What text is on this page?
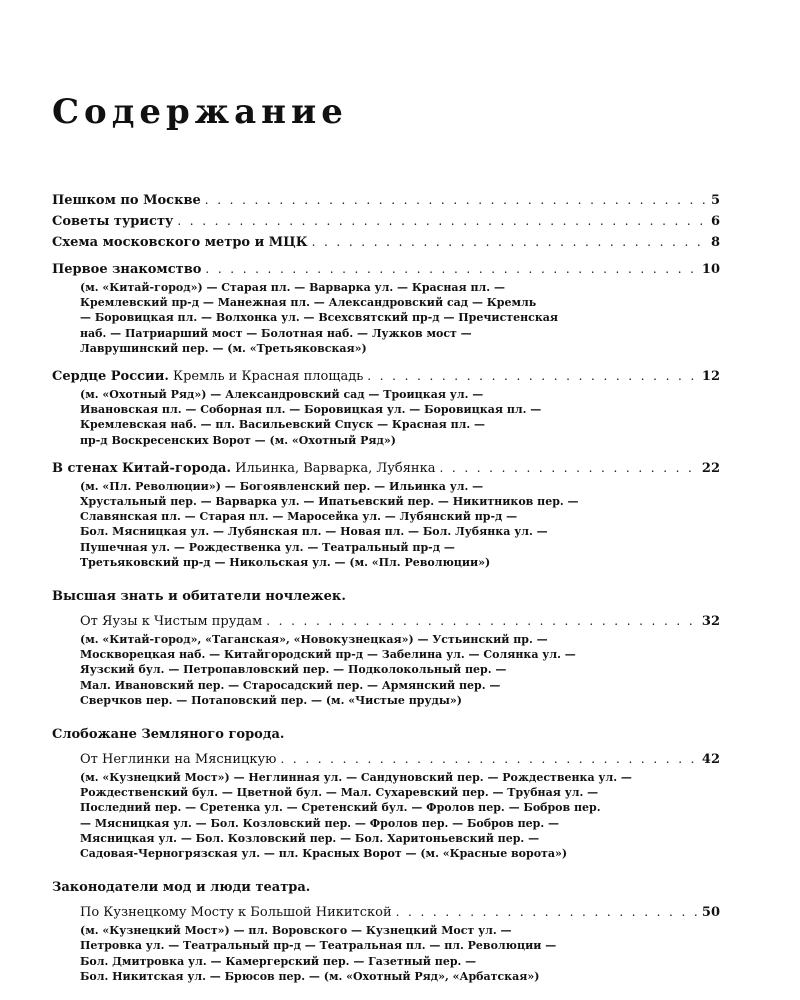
Содержание
Пешком по Москве . . .	5
Советы туристу . . .	6
Схема московского метро и МЦК . . .	8
Первое знакомство . . .	10
(м. «Китай-город») — Старая пл. — Варварка ул. — Красная пл. —
Кремлевский пр-д — Манежная пл. — Александровский сад — Кремль
— Боровицкая пл. — Волхонка ул. — Всехсвятский пр-д — Пречистенская
наб. — Патриарший мост — Болотная наб. — Лужков мост —
Лаврушинский пер. — (м. «Третьяковская»)
Сердце России. Кремль и Красная площадь . . .	12
(м. «Охотный Ряд») — Александровский сад — Троицкая ул. —
Ивановская пл. — Соборная пл. — Боровицкая ул. — Боровицкая пл. —
Кремлевская наб. — пл. Васильевский Спуск — Красная пл. —
пр-д Воскресенских Ворот — (м. «Охотный Ряд»)
В стенах Китай-города. Ильинка, Варварка, Лубянка . . .	22
(м. «Пл. Революции») — Богоявленский пер. — Ильинка ул. —
Хрустальный пер. — Варварка ул. — Ипатьевский пер. — Никитников пер. —
Славянская пл. — Старая пл. — Маросейка ул. — Лубянский пр-д —
Бол. Мясницкая ул. — Лубянская пл. — Новая пл. — Бол. Лубянка ул. —
Пушечная ул. — Рождественка ул. — Театральный пр-д —
Третьяковский пр-д — Никольская ул. — (м. «Пл. Революции»)
Высшая знать и обитатели ночлежек.
От Яузы к Чистым прудам . . .	32
(м. «Китай-город», «Таганская», «Новокузнецкая») — Устьинский пр. —
Москворецкая наб. — Китайгородский пр-д — Забелина ул. — Солянка ул. —
Яузский бул. — Петропавловский пер. — Подколокольный пер. —
Мал. Ивановский пер. — Старосадский пер. — Армянский пер. —
Сверчков пер. — Потаповский пер. — (м. «Чистые пруды»)
Слобожане Земляного города.
От Неглинки на Мясницкую . . .	42
(м. «Кузнецкий Мост») — Неглинная ул. — Сандуновский пер. — Рождественка ул. —
Рождественский бул. — Цветной бул. — Мал. Сухаревский пер. — Трубная ул. —
Последний пер. — Сретенка ул. — Сретенский бул. — Фролов пер. — Бобров пер.
— Мясницкая ул. — Бол. Козловский пер. — Фролов пер. — Бобров пер. —
Мясницкая ул. — Бол. Козловский пер. — Бол. Харитоньевский пер. —
Садовая-Черногрязская ул. — пл. Красных Ворот — (м. «Красные ворота»)
Законодатели мод и люди театра.
По Кузнецкому Мосту к Большой Никитской . . .	50
(м. «Кузнецкий Мост») — пл. Воровского — Кузнецкий Мост ул. —
Петровка ул. — Театральный пр-д — Театральная пл. — пл. Революции —
Бол. Дмитровка ул. — Камергерский пер. — Газетный пер. —
Бол. Никитская ул. — Брюсов пер. — (м. «Охотный Ряд», «Арбатская»)
